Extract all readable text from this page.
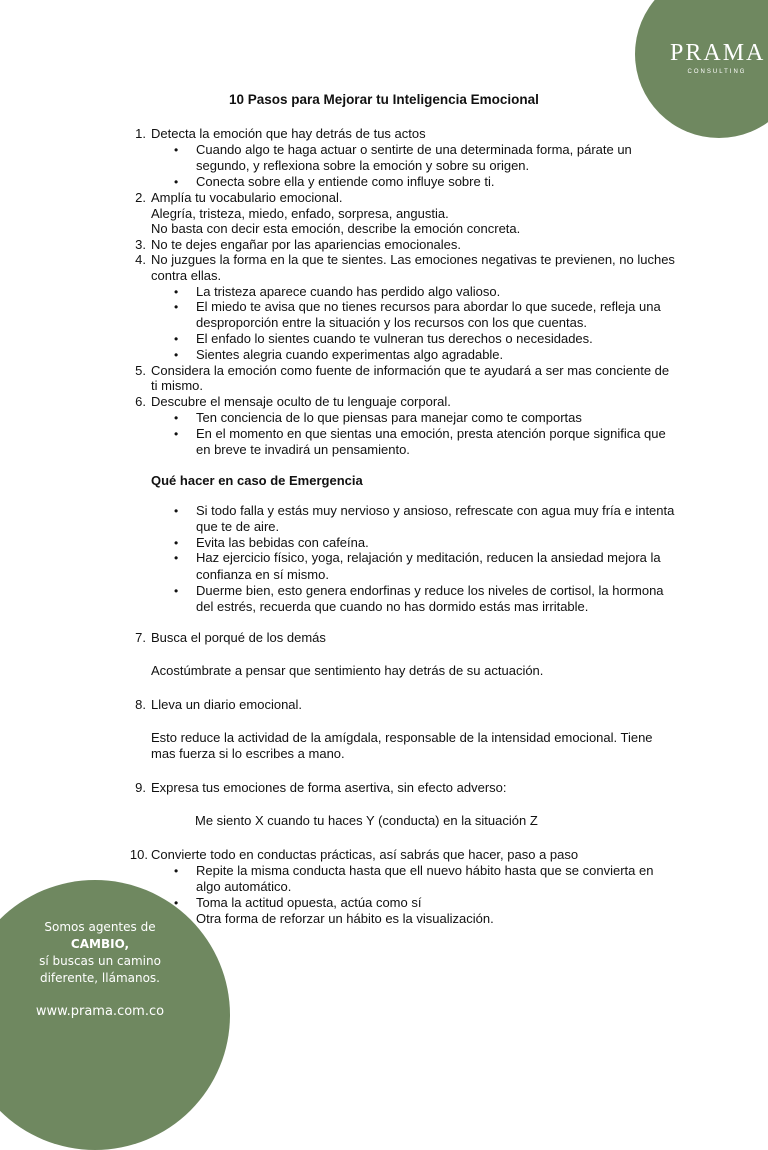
PRAMA
CONSULTING
10 Pasos para Mejorar tu Inteligencia Emocional
1. Detecta la emoción que hay detrás de tus actos
• Cuando algo te haga actuar o sentirte de una determinada forma, párate un
segundo, y reflexiona sobre la emoción y sobre su origen.
• Conecta sobre ella y entiende como influye sobre ti.
2. Amplía tu vocabulario emocional.
Alegría, tristeza, miedo, enfado, sorpresa, angustia.
No basta con decir esta emoción, describe la emoción concreta.
3. No te dejes engañar por las apariencias emocionales.
4. No juzgues la forma en la que te sientes. Las emociones negativas te previenen, no luches
contra ellas.
• La tristeza aparece cuando has perdido algo valioso.
• El miedo te avisa que no tienes recursos para abordar lo que sucede, refleja una
desproporción entre la situación y los recursos con los que cuentas.
• El enfado lo sientes cuando te vulneran tus derechos o necesidades.
• Sientes alegria cuando experimentas algo agradable.
5. Considera la emoción como fuente de información que te ayudará a ser mas conciente de
ti mismo.
6. Descubre el mensaje oculto de tu lenguaje corporal.
• Ten conciencia de lo que piensas para manejar como te comportas
• En el momento en que sientas una emoción, presta atención porque significa que
en breve te invadirá un pensamiento.
Qué hacer en caso de Emergencia
• Si todo falla y estás muy nervioso y ansioso, refrescate con agua muy fría e intenta
que te de aire.
• Evita las bebidas con cafeína.
• Haz ejercicio físico, yoga, relajación y meditación, reducen la ansiedad mejora la
confianza en sí mismo.
• Duerme bien, esto genera endorfinas y reduce los niveles de cortisol, la hormona
del estrés, recuerda que cuando no has dormido estás mas irritable.
7. Busca el porqué de los demás
Acostúmbrate a pensar que sentimiento hay detrás de su actuación.
8. Lleva un diario emocional.
Esto reduce la actividad de la amígdala, responsable de la intensidad emocional. Tiene
mas fuerza si lo escribes a mano.
9. Expresa tus emociones de forma asertiva, sin efecto adverso:
Me siento X cuando tu haces Y (conducta) en la situación Z
10. Convierte todo en conductas prácticas, así sabrás que hacer, paso a paso
• Repite la misma conducta hasta que ell nuevo hábito hasta que se convierta en
algo automático.
• Toma la actitud opuesta, actúa como sí
Otra forma de reforzar un hábito es la visualización.
Somos agentes de
CAMBIO,
sí buscas un camino
diferente, llámanos.
www.prama.com.co
